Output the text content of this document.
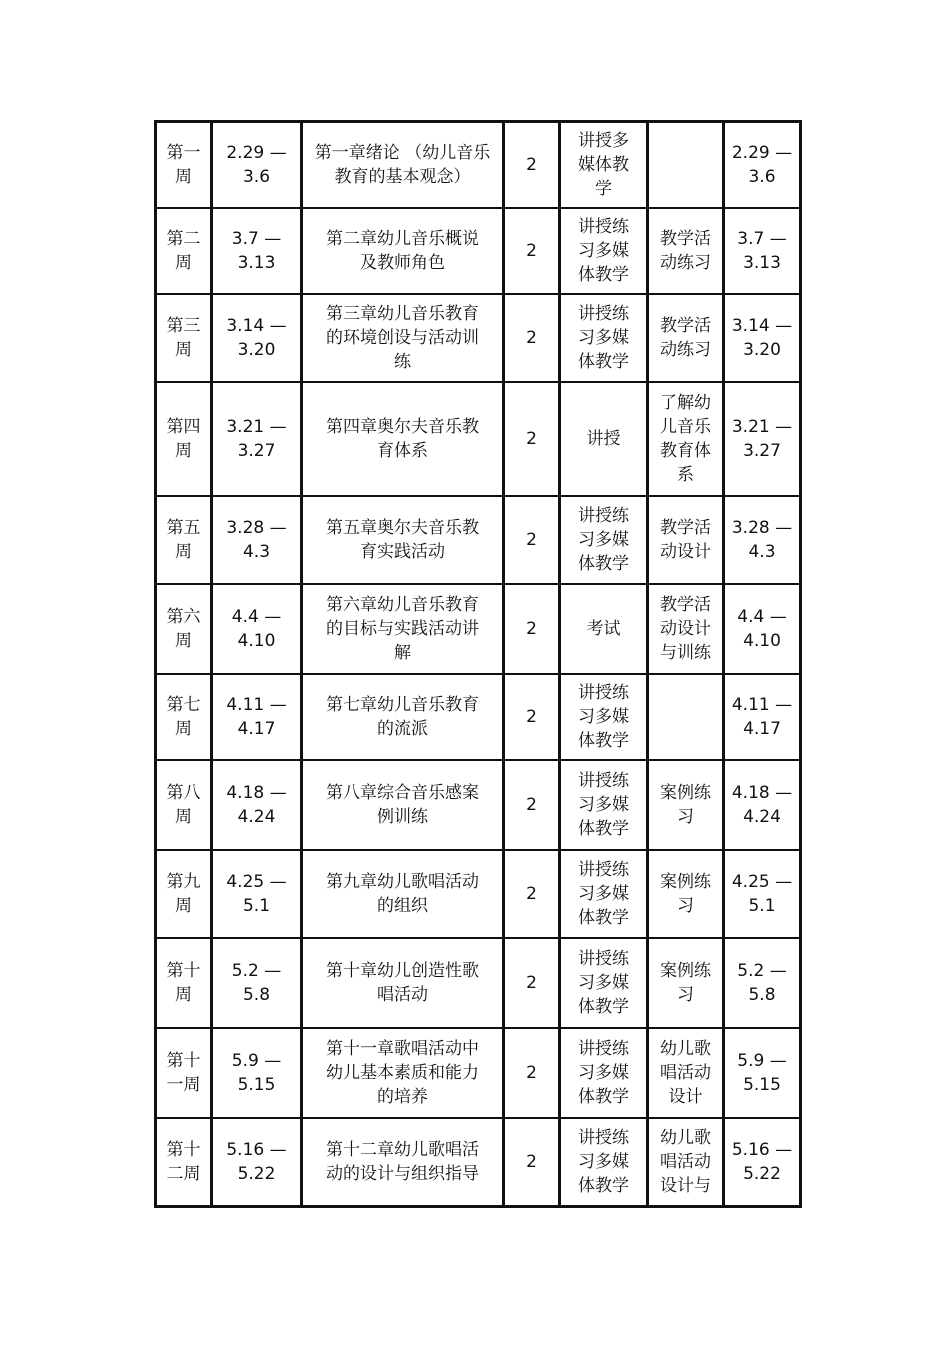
第一
周	2.29 —
3.6	第一章绪论 （幼儿音乐
教育的基本观念）	2	讲授多
媒体教
学		2.29 —
3.6

第二
周	3.7 —
3.13	第二章幼儿音乐概说
及教师角色	2	讲授练
习多媒
体教学	教学活
动练习	3.7 —
3.13

第三
周	3.14 —
3.20	第三章幼儿音乐教育
的环境创设与活动训
练	2	讲授练
习多媒
体教学	教学活
动练习	3.14 —
3.20

第四
周	3.21 —
3.27	第四章奥尔夫音乐教
育体系	2	讲授	了解幼
儿音乐
教育体
系	3.21 —
3.27

第五
周	3.28 —
4.3	第五章奥尔夫音乐教
育实践活动	2	讲授练
习多媒
体教学	教学活
动设计	3.28 —
4.3

第六
周	4.4 —
4.10	第六章幼儿音乐教育
的目标与实践活动讲
解	2	考试	教学活
动设计
与训练	4.4 —
4.10

第七
周	4.11 —
4.17	第七章幼儿音乐教育
的流派	2	讲授练
习多媒
体教学		4.11 —
4.17

第八
周	4.18 —
4.24	第八章综合音乐感案
例训练	2	讲授练
习多媒
体教学	案例练
习	4.18 —
4.24

第九
周	4.25 —
5.1	第九章幼儿歌唱活动
的组织	2	讲授练
习多媒
体教学	案例练
习	4.25 —
5.1

第十
周	5.2 —
5.8	第十章幼儿创造性歌
唱活动	2	讲授练
习多媒
体教学	案例练
习	5.2 —
5.8

第十
一周	5.9 —
5.15	第十一章歌唱活动中
幼儿基本素质和能力
的培养	2	讲授练
习多媒
体教学	幼儿歌
唱活动
设计	5.9 —
5.15

第十
二周	5.16 —
5.22	第十二章幼儿歌唱活
动的设计与组织指导	2	讲授练
习多媒
体教学	幼儿歌
唱活动
设计与	5.16 —
5.22
